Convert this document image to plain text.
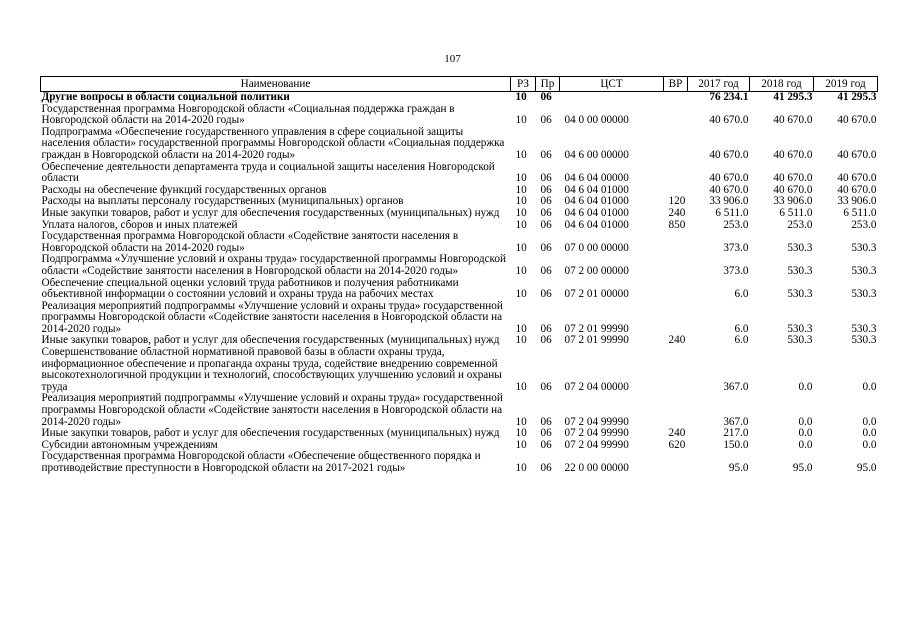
107
Наименование	РЗ	Пр	ЦСТ	ВР	2017 год	2018 год	2019 год
Другие вопросы в области социальной политики	10	06			76 234.1	41 295.3	41 295.3
Государственная программа Новгородской области «Социальная поддержка граждан в Новгородской области на 2014-2020 годы»	10	06	04 0 00 00000		40 670.0	40 670.0	40 670.0
Подпрограмма «Обеспечение государственного управления в сфере социальной защиты населения области» государственной программы Новгородской области «Социальная поддержка граждан в Новгородской области на 2014-2020 годы»	10	06	04 6 00 00000		40 670.0	40 670.0	40 670.0
Обеспечение деятельности департамента труда и социальной защиты населения Новгородской области	10	06	04 6 04 00000		40 670.0	40 670.0	40 670.0
Расходы на обеспечение функций государственных органов	10	06	04 6 04 01000		40 670.0	40 670.0	40 670.0
Расходы на выплаты персоналу государственных (муниципальных) органов	10	06	04 6 04 01000	120	33 906.0	33 906.0	33 906.0
Иные закупки товаров, работ и услуг для обеспечения государственных (муниципальных) нужд	10	06	04 6 04 01000	240	6 511.0	6 511.0	6 511.0
Уплата налогов, сборов и иных платежей	10	06	04 6 04 01000	850	253.0	253.0	253.0
Государственная программа Новгородской области «Содействие занятости населения в Новгородской области на 2014-2020 годы»	10	06	07 0 00 00000		373.0	530.3	530.3
Подпрограмма «Улучшение условий и охраны труда» государственной программы Новгородской области «Содействие занятости населения в Новгородской области на 2014-2020 годы»	10	06	07 2 00 00000		373.0	530.3	530.3
Обеспечение специальной оценки условий труда работников и получения работниками объективной информации о состоянии условий и охраны труда на рабочих местах	10	06	07 2 01 00000		6.0	530.3	530.3
Реализация мероприятий подпрограммы «Улучшение условий и охраны труда» государственной программы Новгородской области «Содействие занятости населения в Новгородской области на 2014-2020 годы»	10	06	07 2 01 99990		6.0	530.3	530.3
Иные закупки товаров, работ и услуг для обеспечения государственных (муниципальных) нужд	10	06	07 2 01 99990	240	6.0	530.3	530.3
Совершенствование областной нормативной правовой базы в области охраны труда, информационное обеспечение и пропаганда охраны труда, содействие внедрению современной высокотехнологичной продукции и технологий, способствующих улучшению условий и охраны труда	10	06	07 2 04 00000		367.0	0.0	0.0
Реализация мероприятий подпрограммы «Улучшение условий и охраны труда» государственной программы Новгородской области «Содействие занятости населения в Новгородской области на 2014-2020 годы»	10	06	07 2 04 99990		367.0	0.0	0.0
Иные закупки товаров, работ и услуг для обеспечения государственных (муниципальных) нужд	10	06	07 2 04 99990	240	217.0	0.0	0.0
Субсидии автономным учреждениям	10	06	07 2 04 99990	620	150.0	0.0	0.0
Государственная программа Новгородской области «Обеспечение общественного порядка и противодействие преступности в Новгородской области на 2017-2021 годы»	10	06	22 0 00 00000		95.0	95.0	95.0
